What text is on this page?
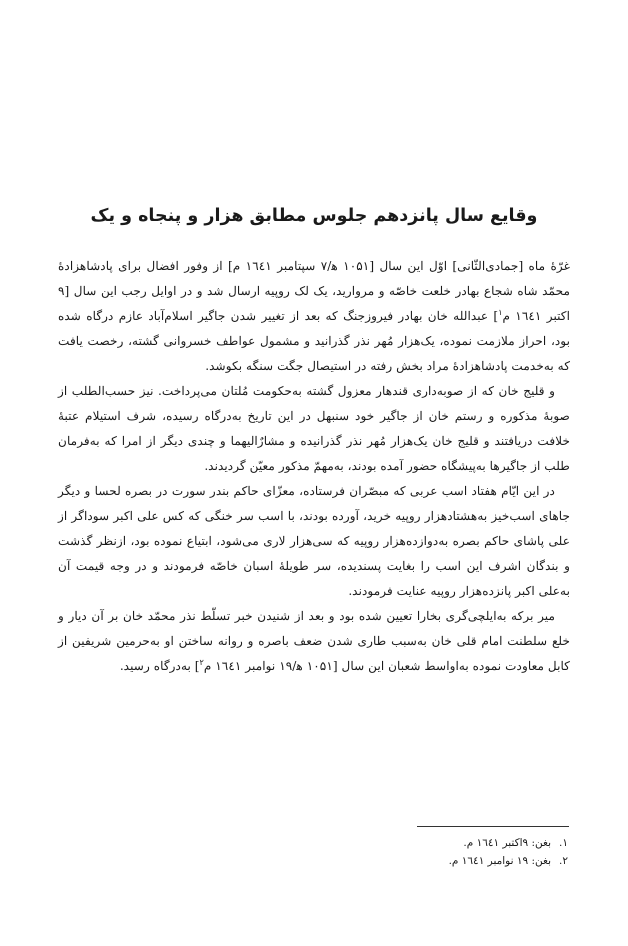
وقایع سال پانزدهم جلوس مطابق هزار و پنجاه و یک

غرّهٔ ماه [جمادی‌الثّانی] اوّل این سال [۱۰۵۱ ه‍/۷ سپتامبر ۱٦٤۱ م] از وفور افضال برای پادشاهزادهٔ محمّد شاه شجاع بهادر خلعت خاصّه و مروارید، یک لک روپیه ارسال شد و در اوایل رجب این سال [۹ اکتبر ۱٦٤۱ م$^۱$] عبدالله خان بهادر فیروزجنگ که بعد از تغییر شدن جاگیر اسلام‌آباد عازم درگاه شده بود، احراز ملازمت نموده، یک‌هزار مُهر نذر گذرانید و مشمول عواطف خسروانی گشته، رخصت یافت که به‌خدمت پادشاهزادهٔ مراد بخش رفته در استیصال جگت سنگه بکوشد.

و قلیج خان که از صوبه‌داری قندهار معزول گشته به‌حکومت مُلتان می‌پرداخت. نیز حسب‌الطلب از صوبهٔ مذکوره و رستم خان از جاگیر خود سنبهل در این تاریخ به‌درگاه رسیده، شرف استیلام عتبهٔ خلافت دریافتند و قلیج خان یک‌هزار مُهر نذر گذرانیده و مشارٌالیهما و چندی دیگر از امرا که به‌فرمان طلب از جاگیرها به‌پیشگاه حضور آمده بودند، به‌مهمّ مذکور معیّن گردیدند.

در این ایّام هفتاد اسب عربی که مبصّران فرستاده، معزّای حاکم بندر سورت در بصره لحسا و دیگر جاهای اسب‌خیز به‌هشتادهزار روپیه خرید، آورده بودند، با اسب سر خنگی که کس علی اکبر سوداگر از علی پاشای حاکم بصره به‌دوازده‌هزار روپیه که سی‌هزار لاری می‌شود، ابتیاع نموده بود، ازنظر گذشت و بندگان اشرف این اسب را بغایت پسندیده، سر طویلهٔ اسبان خاصّه فرمودند و در وجه قیمت آن به‌علی اکبر پانزده‌هزار روپیه عنایت فرمودند.

میر برکه به‌ایلچی‌گری بخارا تعیین شده بود و بعد از شنیدن خبر تسلّط نذر محمّد خان بر آن دیار و خلع سلطنت امام قلی خان به‌سبب طاری شدن ضعف باصره و روانه ساختن او به‌حرمین شریفین از کابل معاودت نموده به‌اواسط شعبان این سال [۱۰۵۱ ه‍/۱۹ نوامبر ۱٦٤۱ م$^۲$] به‌درگاه رسید.

۱.بغن: ۹اکتبر ۱٦٤۱ م.
۲.بغن: ۱۹ نوامبر ۱٦٤۱ م.
